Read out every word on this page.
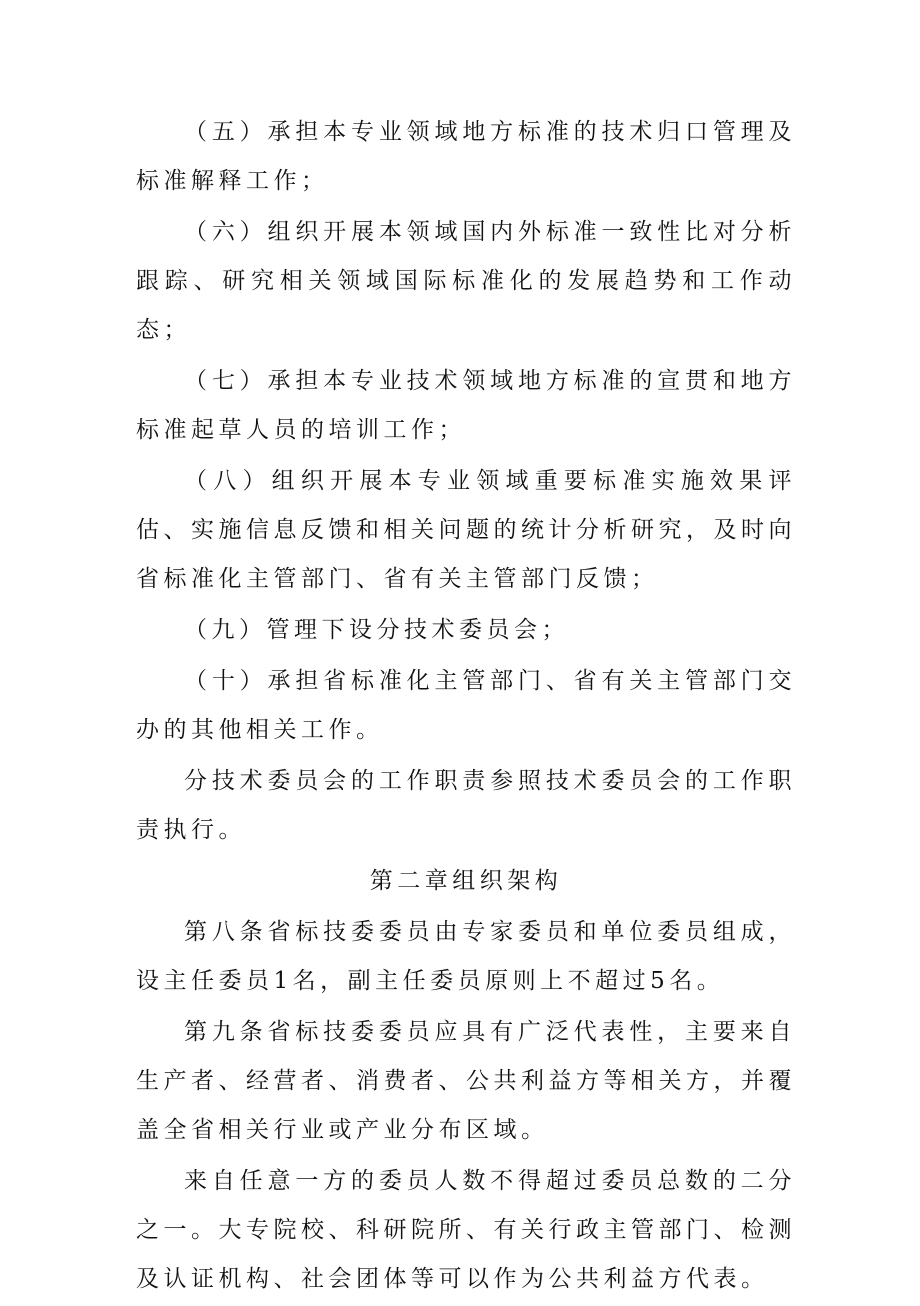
（五）承担本专业领域地方标准的技术归口管理及标准解释工作；

（六）组织开展本领域国内外标准一致性比对分析跟踪、研究相关领域国际标准化的发展趋势和工作动态；

（七）承担本专业技术领域地方标准的宣贯和地方标准起草人员的培训工作；

（八）组织开展本专业领域重要标准实施效果评估、实施信息反馈和相关问题的统计分析研究，及时向省标准化主管部门、省有关主管部门反馈；

（九）管理下设分技术委员会；

（十）承担省标准化主管部门、省有关主管部门交办的其他相关工作。

分技术委员会的工作职责参照技术委员会的工作职责执行。

第二章组织架构

第八条省标技委委员由专家委员和单位委员组成，设主任委员1名，副主任委员原则上不超过5名。

第九条省标技委委员应具有广泛代表性，主要来自生产者、经营者、消费者、公共利益方等相关方，并覆盖全省相关行业或产业分布区域。

来自任意一方的委员人数不得超过委员总数的二分之一。大专院校、科研院所、有关行政主管部门、检测及认证机构、社会团体等可以作为公共利益方代表。
